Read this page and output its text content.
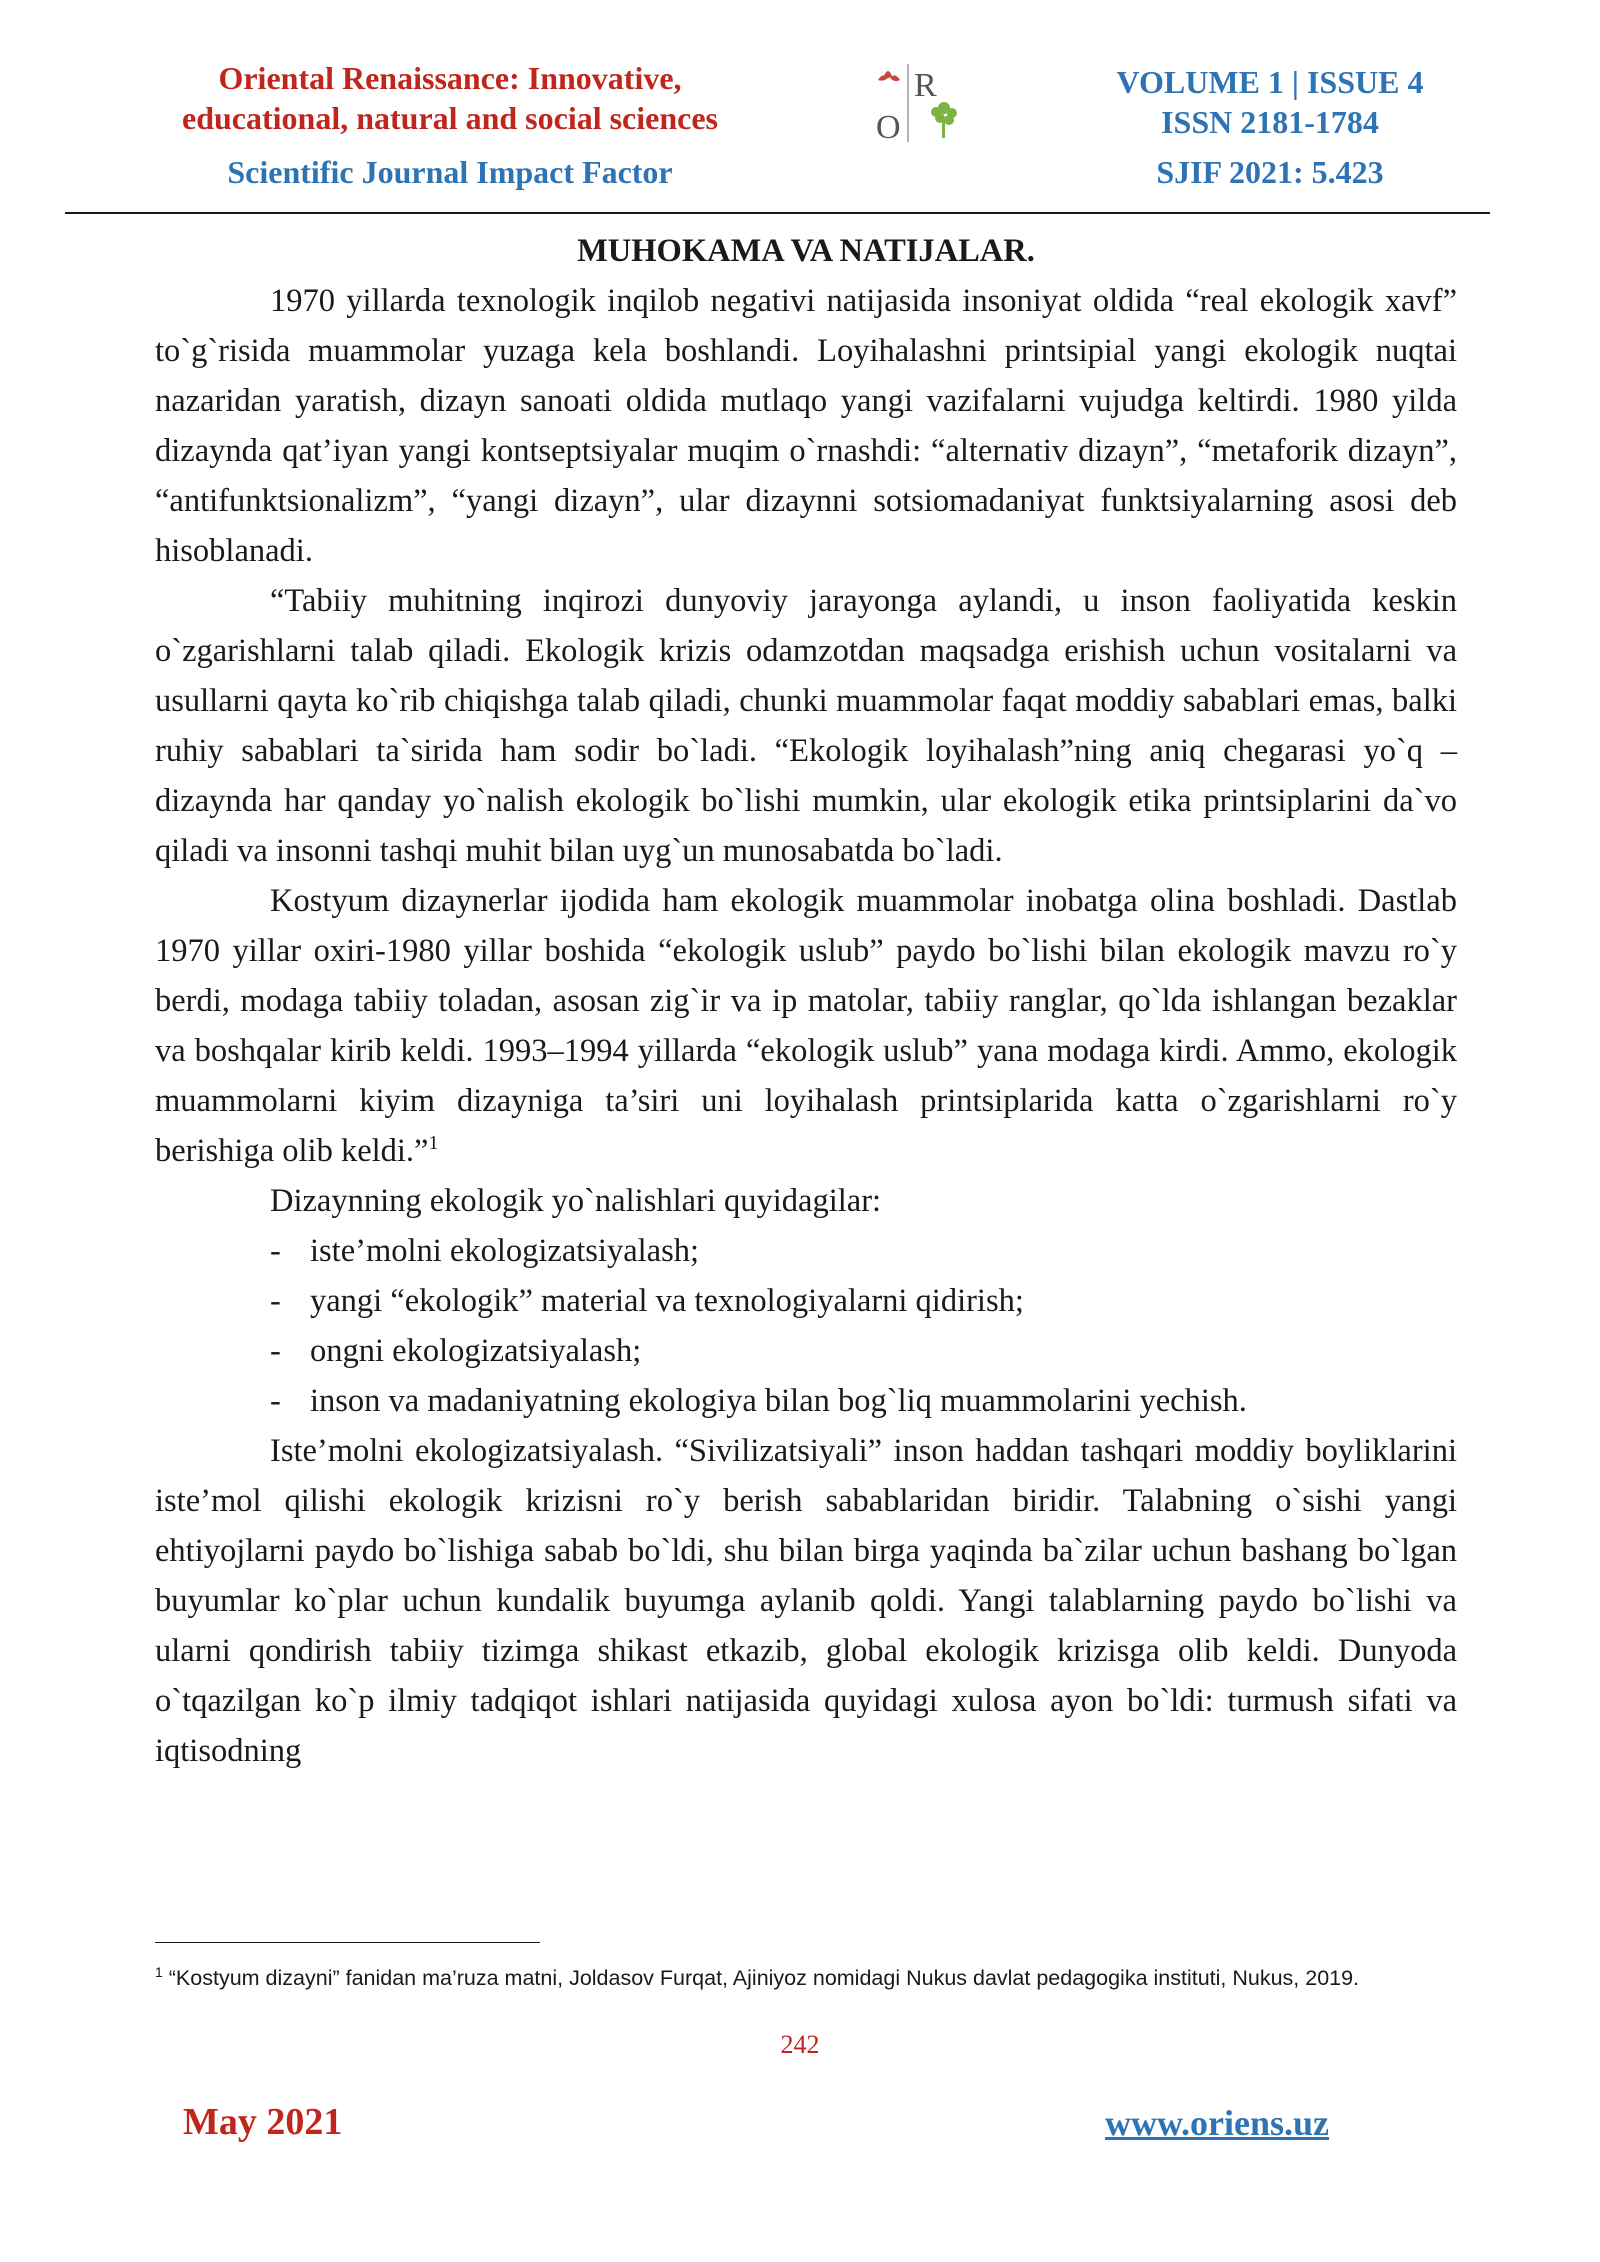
Oriental Renaissance: Innovative,

educational, natural and social sciences

Scientific Journal Impact Factor
R
O
VOLUME 1 | ISSUE 4
ISSN 2181-1784
SJIF 2021: 5.423

MUHOKAMA VA NATIJALAR.

1970 yillarda texnologik inqilob negativi natijasida insoniyat oldida “real ekologik xavf” to`g`risida muammolar yuzaga kela boshlandi. Loyihalashni printsipial yangi ekologik nuqtai nazaridan yaratish, dizayn sanoati oldida mutlaqo yangi vazifalarni vujudga keltirdi. 1980 yilda dizaynda qat’iyan yangi kontseptsiyalar muqim o`rnashdi: “alternativ dizayn”, “metaforik dizayn”, “antifunktsionalizm”, “yangi dizayn”, ular dizaynni sotsiomadaniyat funktsiyalarning asosi deb hisoblanadi.

“Tabiiy muhitning inqirozi dunyoviy jarayonga aylandi, u inson faoliyatida keskin o`zgarishlarni talab qiladi. Ekologik krizis odamzotdan maqsadga erishish uchun vositalarni va usullarni qayta ko`rib chiqishga talab qiladi, chunki muammolar faqat moddiy sabablari emas, balki ruhiy sabablari ta`sirida ham sodir bo`ladi. “Ekologik loyihalash”ning aniq chegarasi yo`q – dizaynda har qanday yo`nalish ekologik bo`lishi mumkin, ular ekologik etika printsiplarini da`vo qiladi va insonni tashqi muhit bilan uyg`un munosabatda bo`ladi.

Kostyum dizaynerlar ijodida ham ekologik muammolar inobatga olina boshladi. Dastlab 1970 yillar oxiri-1980 yillar boshida “ekologik uslub” paydo bo`lishi bilan ekologik mavzu ro`y berdi, modaga tabiiy toladan, asosan zig`ir va ip matolar, tabiiy ranglar, qo`lda ishlangan bezaklar va boshqalar kirib keldi. 1993–1994 yillarda “ekologik uslub” yana modaga kirdi. Ammo, ekologik muammolarni kiyim dizayniga ta’siri uni loyihalash printsiplarida katta o`zgarishlarni ro`y berishiga olib keldi.”$^1$

Dizaynning ekologik yo`nalishlari quyidagilar:

- iste’molni ekologizatsiyalash;
- yangi “ekologik” material va texnologiyalarni qidirish;
- ongni ekologizatsiyalash;
- inson va madaniyatning ekologiya bilan bog`liq muammolarini yechish.

Iste’molni ekologizatsiyalash. “Sivilizatsiyali” inson haddan tashqari moddiy boyliklarini iste’mol qilishi ekologik krizisni ro`y berish sabablaridan biridir. Talabning o`sishi yangi ehtiyojlarni paydo bo`lishiga sabab bo`ldi, shu bilan birga yaqinda ba`zilar uchun bashang bo`lgan buyumlar ko`plar uchun kundalik buyumga aylanib qoldi. Yangi talablarning paydo bo`lishi va ularni qondirish tabiiy tizimga shikast etkazib, global ekologik krizisga olib keldi. Dunyoda o`tqazilgan ko`p ilmiy tadqiqot ishlari natijasida quyidagi xulosa ayon bo`ldi: turmush sifati va iqtisodning

$^1$ “Kostyum dizayni” fanidan ma’ruza matni, Joldasov Furqat, Ajiniyoz nomidagi Nukus davlat pedagogika instituti, Nukus, 2019.

242
May 2021	www.oriens.uz
